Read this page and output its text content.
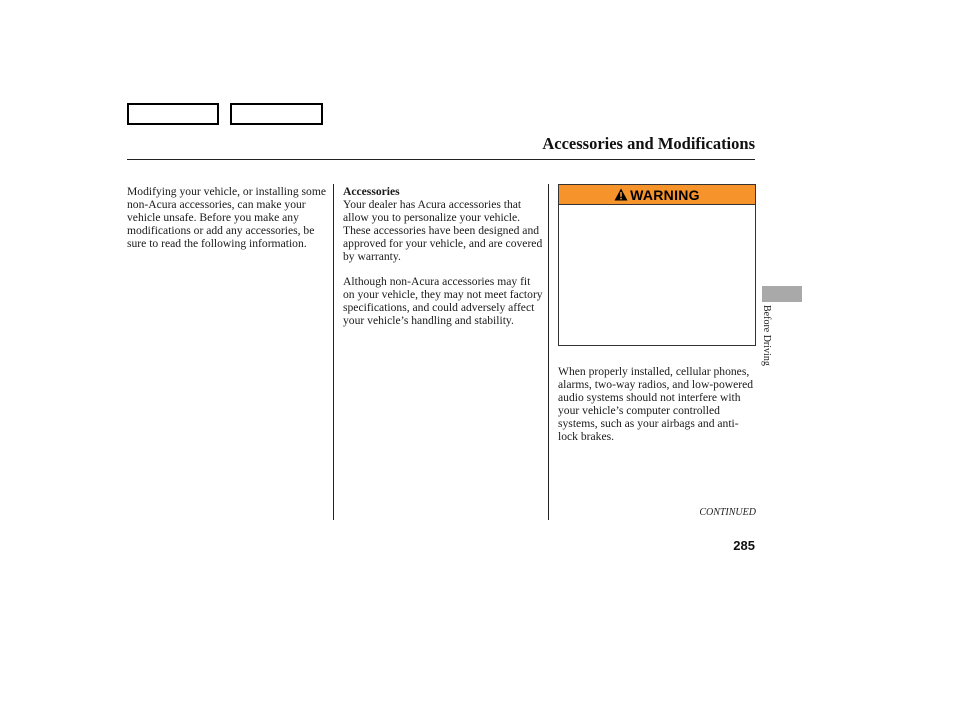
Accessories and Modifications

Modifying your vehicle, or installing some non-Acura accessories, can make your vehicle unsafe. Before you make any modifications or add any accessories, be sure to read the following information.

Accessories

Your dealer has Acura accessories that allow you to personalize your vehicle. These accessories have been designed and approved for your vehicle, and are covered by warranty.

Although non-Acura accessories may fit on your vehicle, they may not meet factory specifications, and could adversely affect your vehicle’s handling and stability.

WARNING

When properly installed, cellular phones, alarms, two-way radios, and low-powered audio systems should not interfere with your vehicle’s computer controlled systems, such as your airbags and anti-lock brakes.

CONTINUED

285

Before Driving
